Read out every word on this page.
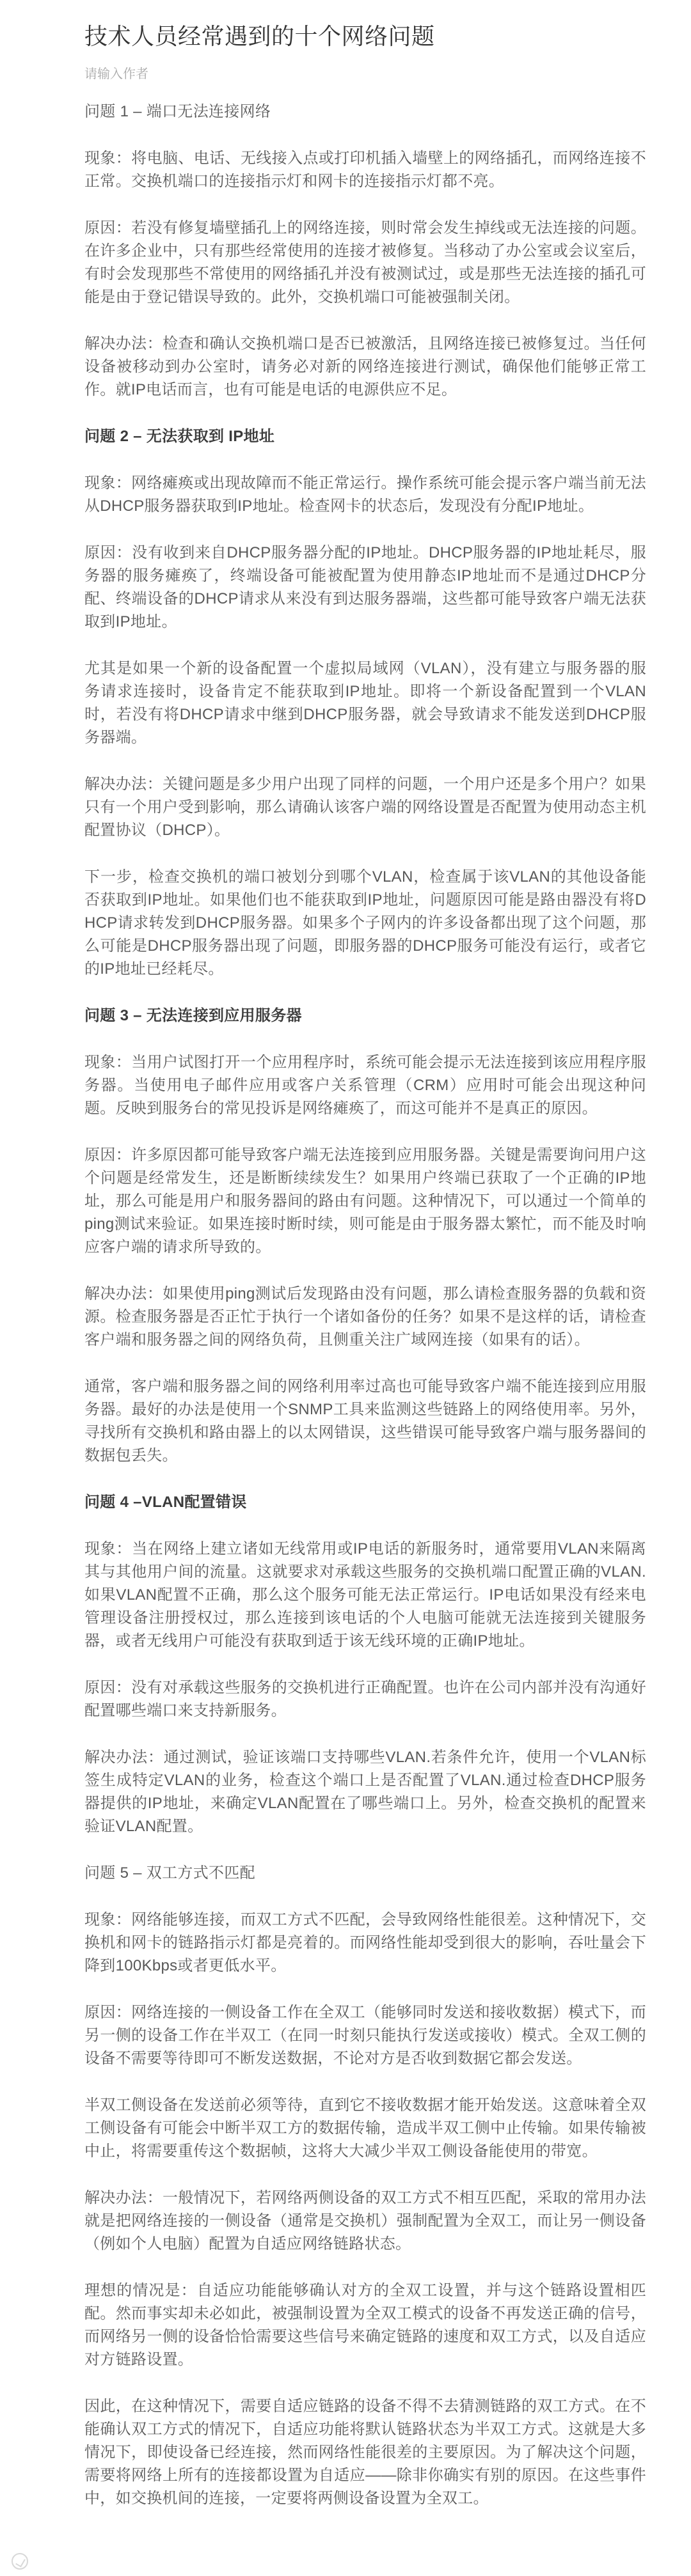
技术人员经常遇到的十个网络问题
请输入作者

问题 1 – 端口无法连接网络

现象：将电脑、电话、无线接入点或打印机插入墙壁上的网络插孔，而网络连接不正常。交换机端口的连接指示灯和网卡的连接指示灯都不亮。

原因：若没有修复墙壁插孔上的网络连接，则时常会发生掉线或无法连接的问题。在许多企业中，只有那些经常使用的连接才被修复。当移动了办公室或会议室后，有时会发现那些不常使用的网络插孔并没有被测试过，或是那些无法连接的插孔可能是由于登记错误导致的。此外，交换机端口可能被强制关闭。

解决办法：检查和确认交换机端口是否已被激活，且网络连接已被修复过。当任何设备被移动到办公室时，请务必对新的网络连接进行测试，确保他们能够正常工作。就IP电话而言，也有可能是电话的电源供应不足。

问题 2 – 无法获取到 IP地址

现象：网络瘫痪或出现故障而不能正常运行。操作系统可能会提示客户端当前无法从DHCP服务器获取到IP地址。检查网卡的状态后，发现没有分配IP地址。

原因：没有收到来自DHCP服务器分配的IP地址。DHCP服务器的IP地址耗尽，服务器的服务瘫痪了，终端设备可能被配置为使用静态IP地址而不是通过DHCP分配、终端设备的DHCP请求从来没有到达服务器端，这些都可能导致客户端无法获取到IP地址。

尤其是如果一个新的设备配置一个虚拟局域网（VLAN），没有建立与服务器的服务请求连接时，设备肯定不能获取到IP地址。即将一个新设备配置到一个VLAN时，若没有将DHCP请求中继到DHCP服务器，就会导致请求不能发送到DHCP服务器端。

解决办法：关键问题是多少用户出现了同样的问题，一个用户还是多个用户？如果只有一个用户受到影响，那么请确认该客户端的网络设置是否配置为使用动态主机配置协议（DHCP）。

下一步，检查交换机的端口被划分到哪个VLAN，检查属于该VLAN的其他设备能否获取到IP地址。如果他们也不能获取到IP地址，问题原因可能是路由器没有将DHCP请求转发到DHCP服务器。如果多个子网内的许多设备都出现了这个问题，那么可能是DHCP服务器出现了问题，即服务器的DHCP服务可能没有运行，或者它的IP地址已经耗尽。

问题 3 – 无法连接到应用服务器

现象：当用户试图打开一个应用程序时，系统可能会提示无法连接到该应用程序服务器。当使用电子邮件应用或客户关系管理（CRM）应用时可能会出现这种问题。反映到服务台的常见投诉是网络瘫痪了，而这可能并不是真正的原因。

原因：许多原因都可能导致客户端无法连接到应用服务器。关键是需要询问用户这个问题是经常发生，还是断断续续发生？如果用户终端已获取了一个正确的IP地址，那么可能是用户和服务器间的路由有问题。这种情况下，可以通过一个简单的ping测试来验证。如果连接时断时续，则可能是由于服务器太繁忙，而不能及时响应客户端的请求所导致的。

解决办法：如果使用ping测试后发现路由没有问题，那么请检查服务器的负载和资源。检查服务器是否正忙于执行一个诸如备份的任务？如果不是这样的话，请检查客户端和服务器之间的网络负荷，且侧重关注广域网连接（如果有的话）。

通常，客户端和服务器之间的网络利用率过高也可能导致客户端不能连接到应用服务器。最好的办法是使用一个SNMP工具来监测这些链路上的网络使用率。另外，寻找所有交换机和路由器上的以太网错误，这些错误可能导致客户端与服务器间的数据包丢失。

问题 4 –VLAN配置错误

现象：当在网络上建立诸如无线常用或IP电话的新服务时，通常要用VLAN来隔离其与其他用户间的流量。这就要求对承载这些服务的交换机端口配置正确的VLAN.如果VLAN配置不正确，那么这个服务可能无法正常运行。IP电话如果没有经来电管理设备注册授权过，那么连接到该电话的个人电脑可能就无法连接到关键服务器，或者无线用户可能没有获取到适于该无线环境的正确IP地址。

原因：没有对承载这些服务的交换机进行正确配置。也许在公司内部并没有沟通好配置哪些端口来支持新服务。

解决办法：通过测试，验证该端口支持哪些VLAN.若条件允许，使用一个VLAN标签生成特定VLAN的业务，检查这个端口上是否配置了VLAN.通过检查DHCP服务器提供的IP地址，来确定VLAN配置在了哪些端口上。另外，检查交换机的配置来验证VLAN配置。

问题 5 – 双工方式不匹配

现象：网络能够连接，而双工方式不匹配，会导致网络性能很差。这种情况下，交换机和网卡的链路指示灯都是亮着的。而网络性能却受到很大的影响，吞吐量会下降到100Kbps或者更低水平。

原因：网络连接的一侧设备工作在全双工（能够同时发送和接收数据）模式下，而另一侧的设备工作在半双工（在同一时刻只能执行发送或接收）模式。全双工侧的设备不需要等待即可不断发送数据，不论对方是否收到数据它都会发送。

半双工侧设备在发送前必须等待，直到它不接收数据才能开始发送。这意味着全双工侧设备有可能会中断半双工方的数据传输，造成半双工侧中止传输。如果传输被中止，将需要重传这个数据帧，这将大大减少半双工侧设备能使用的带宽。

解决办法：一般情况下，若网络两侧设备的双工方式不相互匹配，采取的常用办法就是把网络连接的一侧设备（通常是交换机）强制配置为全双工，而让另一侧设备（例如个人电脑）配置为自适应网络链路状态。

理想的情况是：自适应功能能够确认对方的全双工设置，并与这个链路设置相匹配。然而事实却未必如此，被强制设置为全双工模式的设备不再发送正确的信号，而网络另一侧的设备恰恰需要这些信号来确定链路的速度和双工方式，以及自适应对方链路设置。

因此，在这种情况下，需要自适应链路的设备不得不去猜测链路的双工方式。在不能确认双工方式的情况下，自适应功能将默认链路状态为半双工方式。这就是大多情况下，即使设备已经连接，然而网络性能很差的主要原因。为了解决这个问题，需要将网络上所有的连接都设置为自适应——除非你确实有别的原因。在这些事件中，如交换机间的连接，一定要将两侧设备设置为全双工。
